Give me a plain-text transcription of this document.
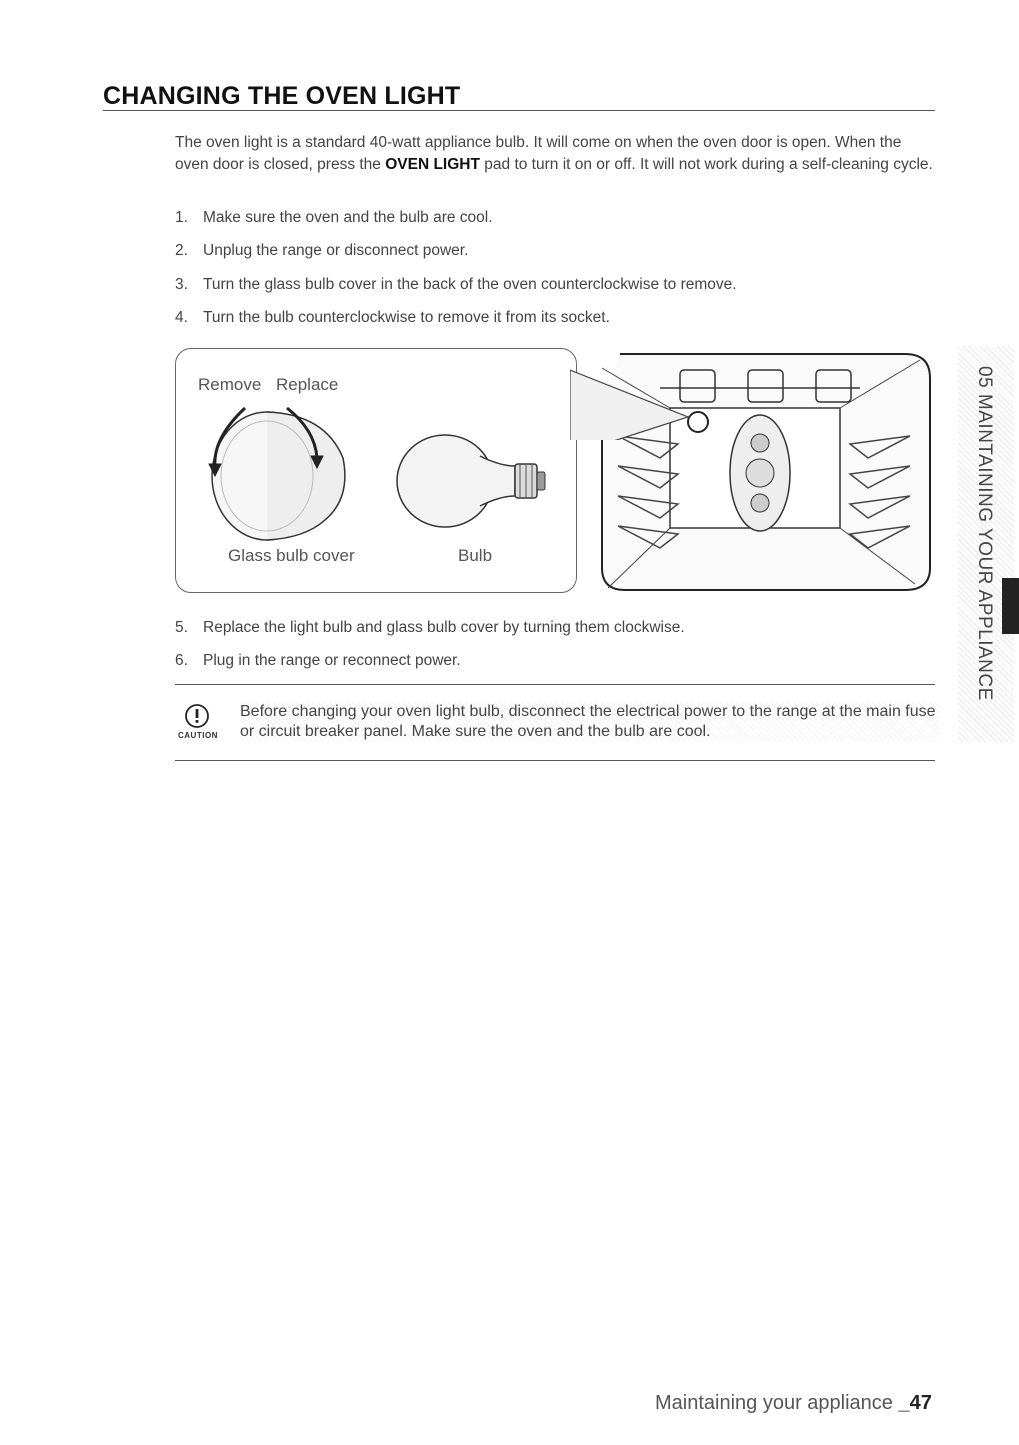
CHANGING THE OVEN LIGHT
The oven light is a standard 40-watt appliance bulb. It will come on when the oven door is open. When the oven door is closed, press the OVEN LIGHT pad to turn it on or off. It will not work during a self-cleaning cycle.
1. Make sure the oven and the bulb are cool.
2. Unplug the range or disconnect power.
3. Turn the glass bulb cover in the back of the oven counterclockwise to remove.
4. Turn the bulb counterclockwise to remove it from its socket.
Remove Replace
Glass bulb cover	Bulb
5. Replace the light bulb and glass bulb cover by turning them clockwise.
6. Plug in the range or reconnect power.
CAUTION
Before changing your oven light bulb, disconnect the electrical power to the range at the main fuse or circuit breaker panel. Make sure the oven and the bulb are cool.
05 MAINTAINING YOUR APPLIANCE
Maintaining your appliance _47
